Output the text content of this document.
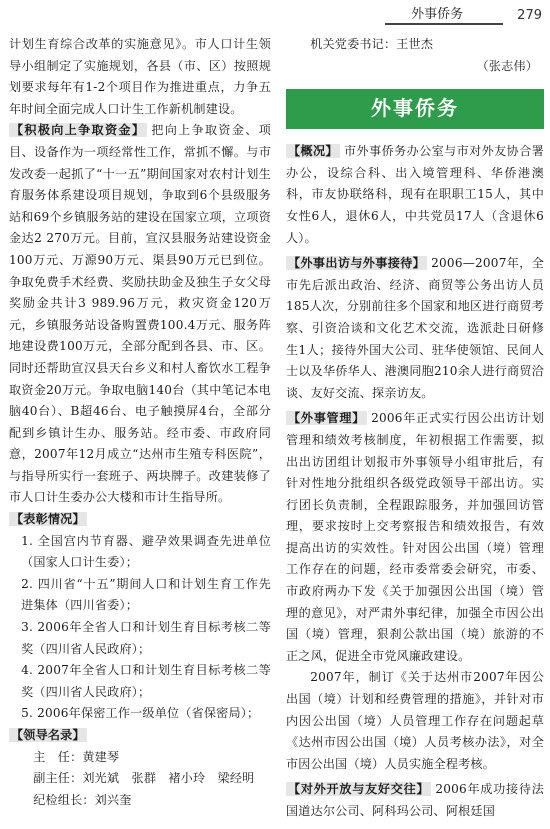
外事侨务	279

计划生育综合改革的实施意见》。市人口计生领导小组制定了实施规划，各县（市、区）按照规划要求每年有1-2个项目作为推进重点，力争五年时间全面完成人口计生工作新机制建设。

【积极向上争取资金】 把向上争取资金、项目、设备作为一项经常性工作，常抓不懈。与市发改委一起抓了“十一五”期间国家对农村计划生育服务体系建设项目规划，争取到6个县级服务站和69个乡镇服务站的建设在国家立项，立项资金达2 270万元。目前，宣汉县服务站建设资金100万元、万源90万元、渠县90万元已到位。争取免费手术经费、奖励扶助金及独生子女父母奖励金共计3 989.96万元，救灾资金120万元，乡镇服务站设备购置费100.4万元、服务阵地建设费100万元，全部分配到各县、市、区。同时还帮助宣汉县天台乡义和村人畜饮水工程争取资金20万元。争取电脑140台（其中笔记本电脑40台）、B超46台、电子触摸屏4台，全部分配到乡镇计生办、服务站。经市委、市政府同意，2007年12月成立“达州市生殖专科医院”，与指导所实行一套班子、两块牌子。改建装修了市人口计生委办公大楼和市计生指导所。

【表彰情况】

1. 全国宫内节育器、避孕效果调查先进单位（国家人口计生委）；

2. 四川省“十五”期间人口和计划生育工作先进集体（四川省委）；

3. 2006年全省人口和计划生育目标考核二等奖（四川省人民政府）；

4. 2007年全省人口和计划生育目标考核二等奖（四川省人民政府）；

5. 2006年保密工作一级单位（省保密局）；

【领导名录】

主　任：黄建琴

副主任：刘光斌　张群　褚小玲　梁经明

纪检组长：刘兴奎

机关党委书记：王世杰

（张志伟）

外事侨务

【概况】 市外事侨务办公室与市对外友协合署办公，设综合科、出入境管理科、华侨港澳科，市友协联络科，现有在职职工15人，其中女性6人，退休6人，中共党员17人（含退休6人）。

【外事出访与外事接待】 2006—2007年，全市先后派出政治、经济、商贸等公务出访人员185人次，分别前往多个国家和地区进行商贸考察、引资洽谈和文化艺术交流，选派赴日研修生1人；接待外国大公司、驻华使领馆、民间人士以及华侨华人、港澳同胞210余人进行商贸洽谈、友好交流、探亲访友。

【外事管理】 2006年正式实行因公出访计划管理和绩效考核制度，年初根据工作需要，拟出出访团组计划报市外事领导小组审批后，有针对性地分批组织各级党政领导干部出访。实行团长负责制，全程跟踪服务，并加强回访管理，要求按时上交考察报告和绩效报告，有效提高出访的实效性。针对因公出国（境）管理工作存在的问题，经市委常委会研究，市委、市政府两办下发《关于加强因公出国（境）管理的意见》，对严肃外事纪律，加强全市因公出国（境）管理，狠刹公款出国（境）旅游的不正之风，促进全市党风廉政建设。

2007年，制订《关于达州市2007年因公出国（境）计划和经费管理的措施》，并针对市内因公出国（境）人员管理工作存在问题起草《达州市因公出国（境）人员考核办法》，对全市因公出国（境）人员实施全程考核。

【对外开放与友好交往】 2006年成功接待法国道达尔公司、阿科玛公司、阿根廷国
